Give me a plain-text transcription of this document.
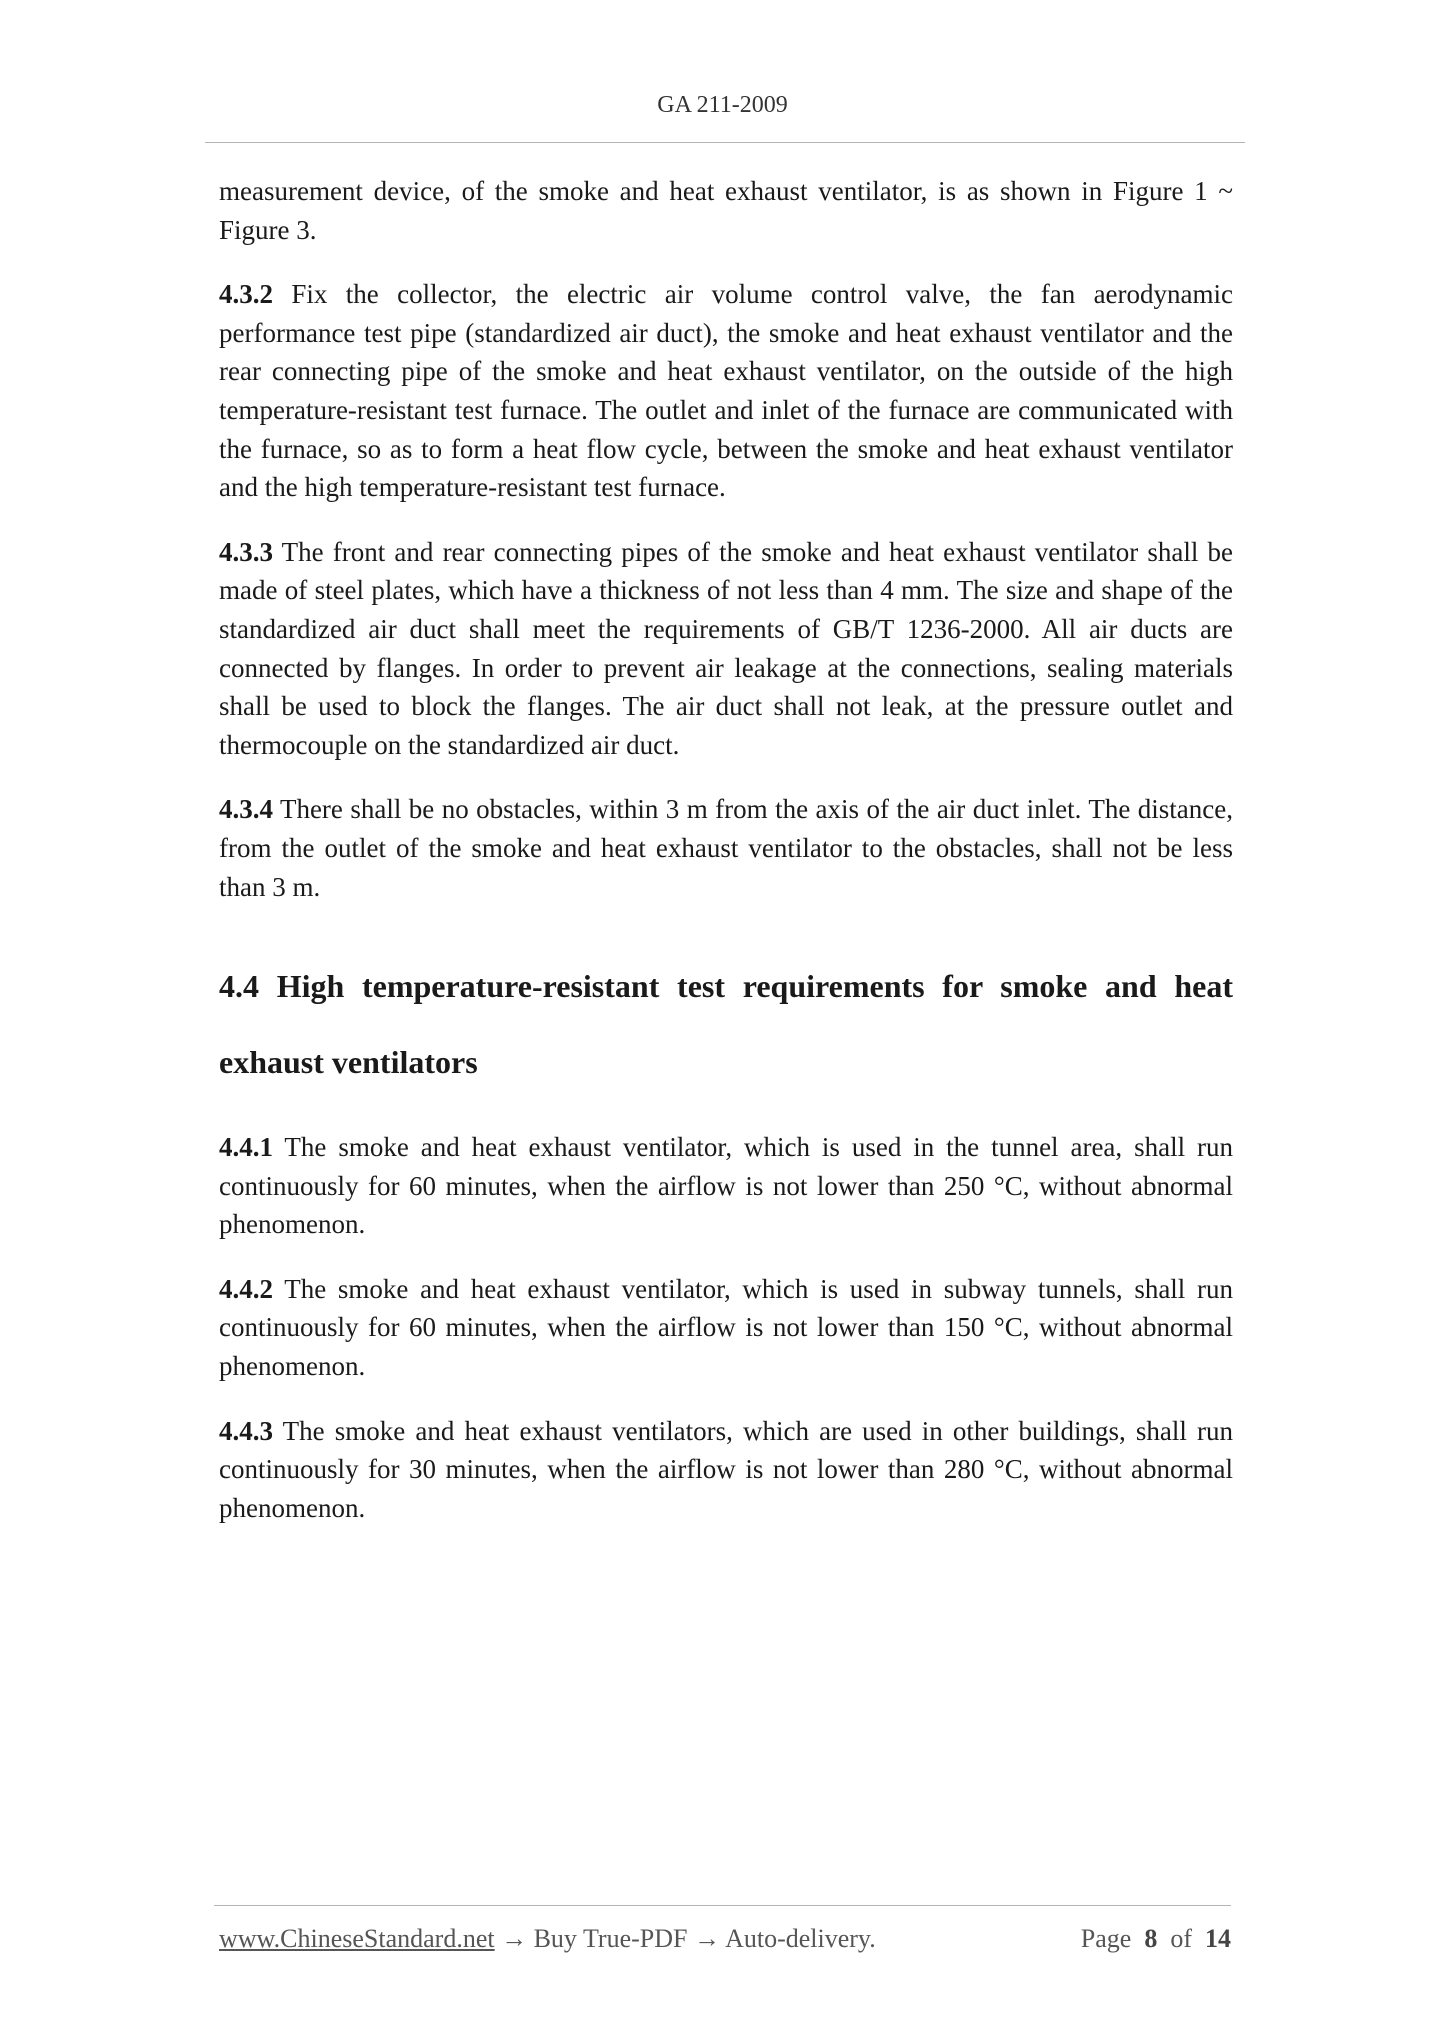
GA 211-2009

measurement device, of the smoke and heat exhaust ventilator, is as shown in Figure 1 ~ Figure 3.

4.3.2 Fix the collector, the electric air volume control valve, the fan aerodynamic performance test pipe (standardized air duct), the smoke and heat exhaust ventilator and the rear connecting pipe of the smoke and heat exhaust ventilator, on the outside of the high temperature-resistant test furnace. The outlet and inlet of the furnace are communicated with the furnace, so as to form a heat flow cycle, between the smoke and heat exhaust ventilator and the high temperature-resistant test furnace.

4.3.3 The front and rear connecting pipes of the smoke and heat exhaust ventilator shall be made of steel plates, which have a thickness of not less than 4 mm. The size and shape of the standardized air duct shall meet the requirements of GB/T 1236-2000. All air ducts are connected by flanges. In order to prevent air leakage at the connections, sealing materials shall be used to block the flanges. The air duct shall not leak, at the pressure outlet and thermocouple on the standardized air duct.

4.3.4 There shall be no obstacles, within 3 m from the axis of the air duct inlet. The distance, from the outlet of the smoke and heat exhaust ventilator to the obstacles, shall not be less than 3 m.

4.4 High temperature-resistant test requirements for smoke and heat exhaust ventilators

4.4.1 The smoke and heat exhaust ventilator, which is used in the tunnel area, shall run continuously for 60 minutes, when the airflow is not lower than 250 °C, without abnormal phenomenon.

4.4.2 The smoke and heat exhaust ventilator, which is used in subway tunnels, shall run continuously for 60 minutes, when the airflow is not lower than 150 °C, without abnormal phenomenon.

4.4.3 The smoke and heat exhaust ventilators, which are used in other buildings, shall run continuously for 30 minutes, when the airflow is not lower than 280 °C, without abnormal phenomenon.

www.ChineseStandard.net → Buy True-PDF → Auto-delivery.	Page 8 of 14
